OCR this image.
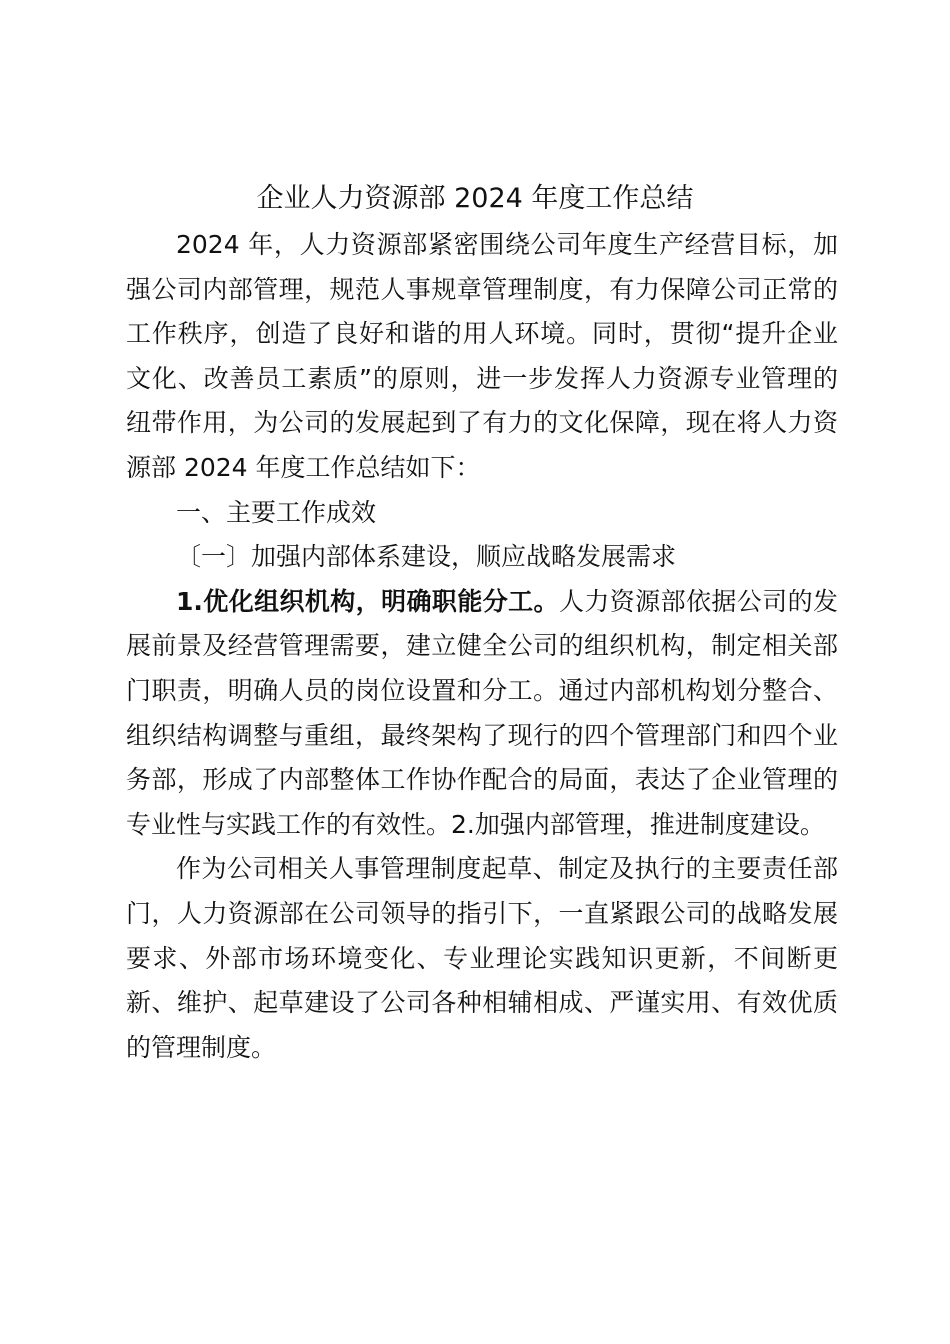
企业人力资源部 2024 年度工作总结

2024 年，人力资源部紧密围绕公司年度生产经营目标，加强公司内部管理，规范人事规章管理制度，有力保障公司正常的工作秩序，创造了良好和谐的用人环境。同时，贯彻“提升企业文化、改善员工素质”的原则，进一步发挥人力资源专业管理的纽带作用，为公司的发展起到了有力的文化保障，现在将人力资源部 2024 年度工作总结如下：

一、主要工作成效

〔一〕加强内部体系建设，顺应战略发展需求

1.优化组织机构，明确职能分工。人力资源部依据公司的发展前景及经营管理需要，建立健全公司的组织机构，制定相关部门职责，明确人员的岗位设置和分工。通过内部机构划分整合、组织结构调整与重组，最终架构了现行的四个管理部门和四个业务部，形成了内部整体工作协作配合的局面，表达了企业管理的专业性与实践工作的有效性。2.加强内部管理，推进制度建设。

作为公司相关人事管理制度起草、制定及执行的主要责任部门，人力资源部在公司领导的指引下，一直紧跟公司的战略发展要求、外部市场环境变化、专业理论实践知识更新，不间断更新、维护、起草建设了公司各种相辅相成、严谨实用、有效优质的管理制度。
